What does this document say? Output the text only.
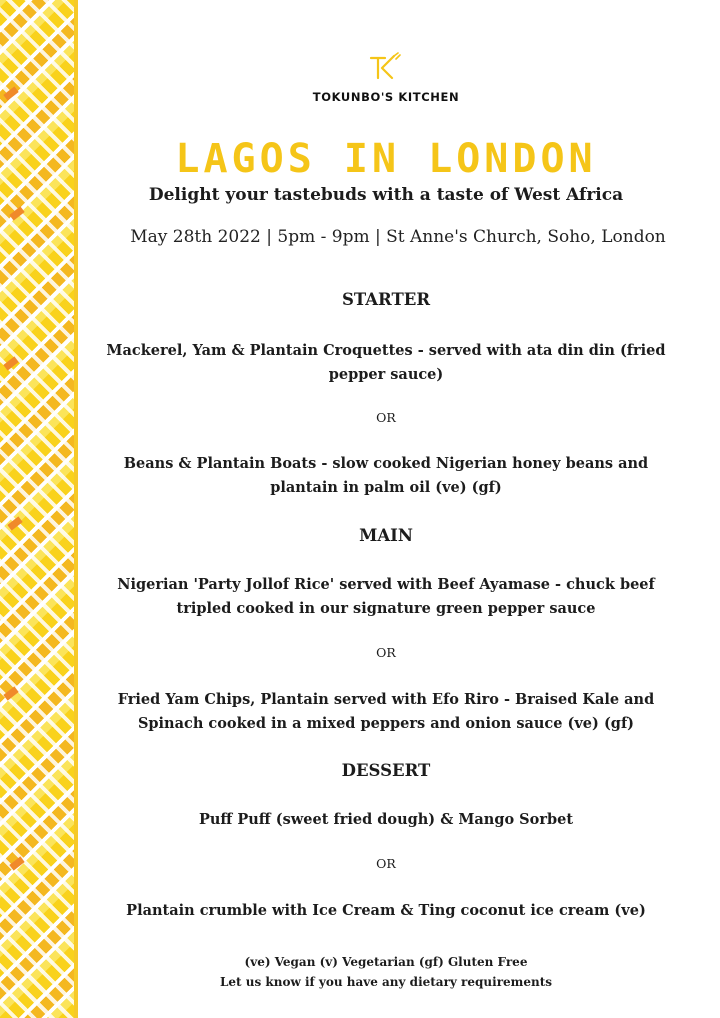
TOKUNBO'S KITCHEN
LAGOS IN LONDON
Delight your tastebuds with a taste of West Africa
May 28th 2022 | 5pm - 9pm | St Anne's Church, Soho, London
STARTER
Mackerel, Yam & Plantain Croquettes - served with ata din din (fried pepper sauce)
OR
Beans & Plantain Boats - slow cooked Nigerian honey beans and plantain in palm oil (ve) (gf)
MAIN
Nigerian 'Party Jollof Rice' served with Beef Ayamase - chuck beef tripled cooked in our signature green pepper sauce
OR
Fried Yam Chips, Plantain served with Efo Riro - Braised Kale and Spinach cooked in a mixed peppers and onion sauce (ve) (gf)
DESSERT
Puff Puff (sweet fried dough) & Mango Sorbet
OR
Plantain crumble with Ice Cream & Ting coconut ice cream (ve)
(ve) Vegan (v) Vegetarian (gf) Gluten Free
Let us know if you have any dietary requirements
